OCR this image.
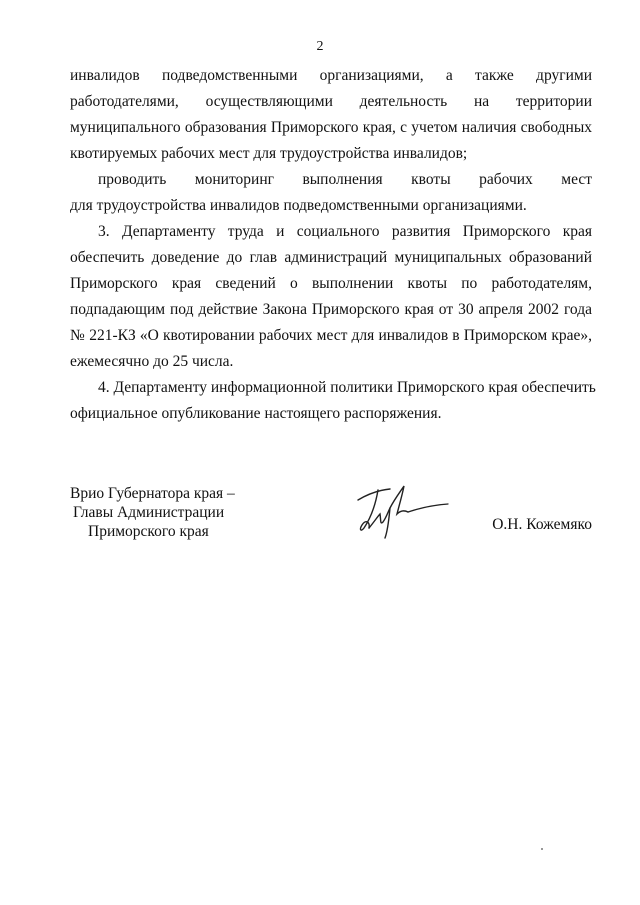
2
инвалидов подведомственными организациями, а также другими
работодателями, осуществляющими деятельность на территории
муниципального образования Приморского края, с учетом наличия свободных
квотируемых рабочих мест для трудоустройства инвалидов;
проводить мониторинг выполнения квоты рабочих мест
для трудоустройства инвалидов подведомственными организациями.
3. Департаменту труда и социального развития Приморского края
обеспечить доведение до глав администраций муниципальных образований
Приморского края сведений о выполнении квоты по работодателям,
подпадающим под действие Закона Приморского края от 30 апреля 2002 года
№ 221-КЗ «О квотировании рабочих мест для инвалидов в Приморском крае»,
ежемесячно до 25 числа.
4. Департаменту информационной политики Приморского края обеспечить
официальное опубликование настоящего распоряжения.
Врио Губернатора края –
Главы Администрации
Приморского края	О.Н. Кожемяко
